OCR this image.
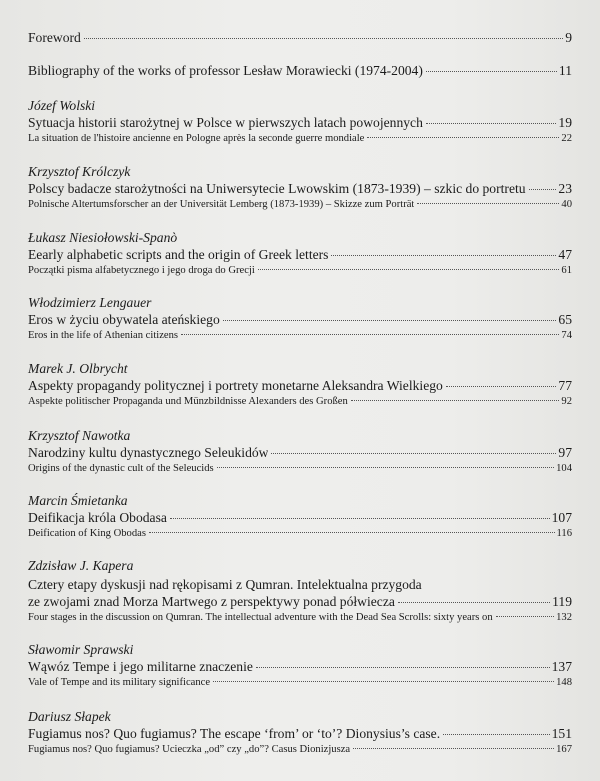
Foreword	9
Bibliography of the works of professor Lesław Morawiecki (1974-2004)	11
Józef Wolski
Sytuacja historii starożytnej w Polsce w pierwszych latach powojennych	19
La situation de l'histoire ancienne en Pologne après la seconde guerre mondiale	22
Krzysztof Królczyk
Polscy badacze starożytności na Uniwersytecie Lwowskim (1873-1939) – szkic do portretu 23
Polnische Altertumsforscher an der Universität Lemberg (1873-1939) – Skizze zum Porträt	40
Łukasz Niesiołowski-Spanò
Eearly alphabetic scripts and the origin of Greek letters	47
Początki pisma alfabetycznego i jego droga do Grecji	61
Włodzimierz Lengauer
Eros w życiu obywatela ateńskiego	65
Eros in the life of Athenian citizens	74
Marek J. Olbrycht
Aspekty propagandy politycznej i portrety monetarne Aleksandra Wielkiego	77
Aspekte politischer Propaganda und Münzbildnisse Alexanders des Großen	92
Krzysztof Nawotka
Narodziny kultu dynastycznego Seleukidów	97
Origins of the dynastic cult of the Seleucids	104
Marcin Śmietanka
Deifikacja króla Obodasa	107
Deification of King Obodas	116
Zdzisław J. Kapera
Cztery etapy dyskusji nad rękopisami z Qumran. Intelektualna przygoda
ze zwojami znad Morza Martwego z perspektywy ponad półwiecza	119
Four stages in the discussion on Qumran. The intellectual adventure with the Dead Sea Scrolls: sixty years on	132
Sławomir Sprawski
Wąwóz Tempe i jego militarne znaczenie	137
Vale of Tempe and its military significance	148
Dariusz Słapek
Fugiamus nos? Quo fugiamus? The escape ‘from’ or ‘to’? Dionysius’s case.	151
Fugiamus nos? Quo fugiamus? Ucieczka „od” czy „do”? Casus Dionizjusza	167
